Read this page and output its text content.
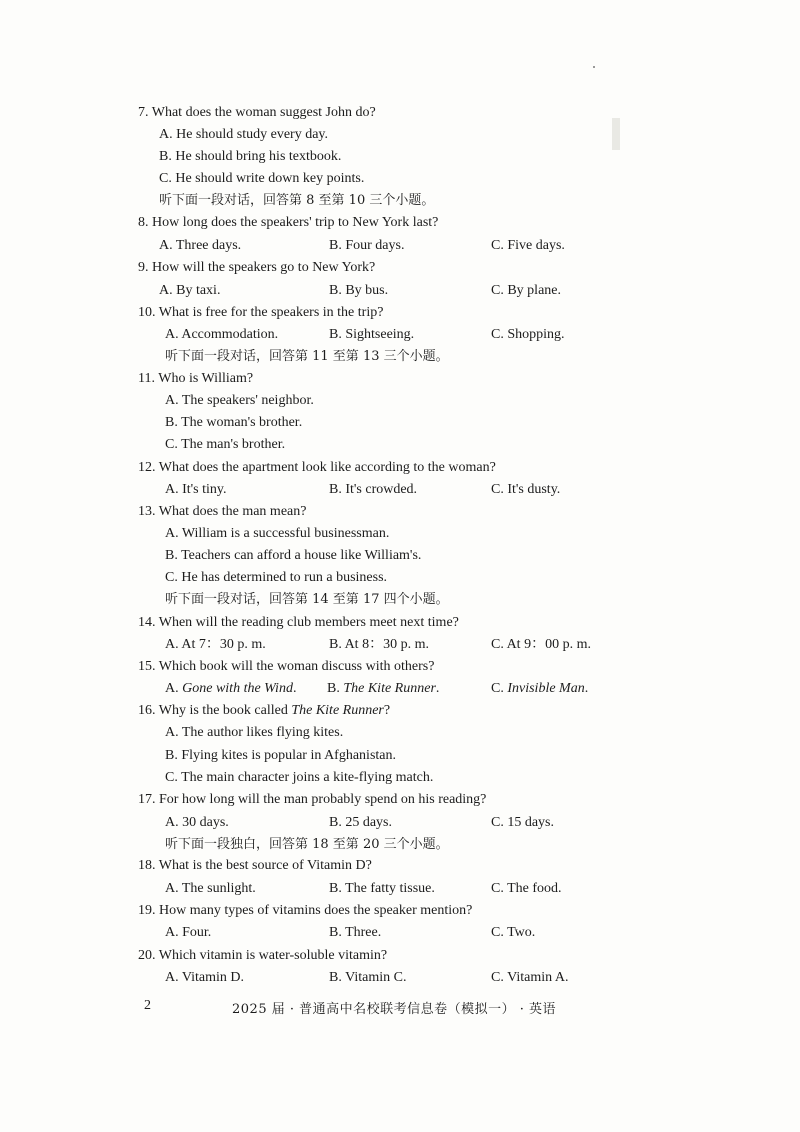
7. What does the woman suggest John do?
A. He should study every day.
B. He should bring his textbook.
C. He should write down key points.
听下面一段对话，回答第 8 至第 10 三个小题。
8. How long does the speakers' trip to New York last?
A. Three days.	B. Four days.	C. Five days.
9. How will the speakers go to New York?
A. By taxi.	B. By bus.	C. By plane.
10. What is free for the speakers in the trip?
A. Accommodation.	B. Sightseeing.	C. Shopping.
听下面一段对话，回答第 11 至第 13 三个小题。
11. Who is William?
A. The speakers' neighbor.
B. The woman's brother.
C. The man's brother.
12. What does the apartment look like according to the woman?
A. It's tiny.	B. It's crowded.	C. It's dusty.
13. What does the man mean?
A. William is a successful businessman.
B. Teachers can afford a house like William's.
C. He has determined to run a business.
听下面一段对话，回答第 14 至第 17 四个小题。
14. When will the reading club members meet next time?
A. At 7：30 p. m.	B. At 8：30 p. m.	C. At 9：00 p. m.
15. Which book will the woman discuss with others?
A. Gone with the Wind. B. The Kite Runner.	C. Invisible Man.
16. Why is the book called The Kite Runner?
A. The author likes flying kites.
B. Flying kites is popular in Afghanistan.
C. The main character joins a kite-flying match.
17. For how long will the man probably spend on his reading?
A. 30 days.	B. 25 days.	C. 15 days.
听下面一段独白，回答第 18 至第 20 三个小题。
18. What is the best source of Vitamin D?
A. The sunlight.	B. The fatty tissue.	C. The food.
19. How many types of vitamins does the speaker mention?
A. Four.	B. Three.	C. Two.
20. Which vitamin is water-soluble vitamin?
A. Vitamin D.	B. Vitamin C.	C. Vitamin A.
2	2025 届 · 普通高中名校联考信息卷（模拟一） · 英语
